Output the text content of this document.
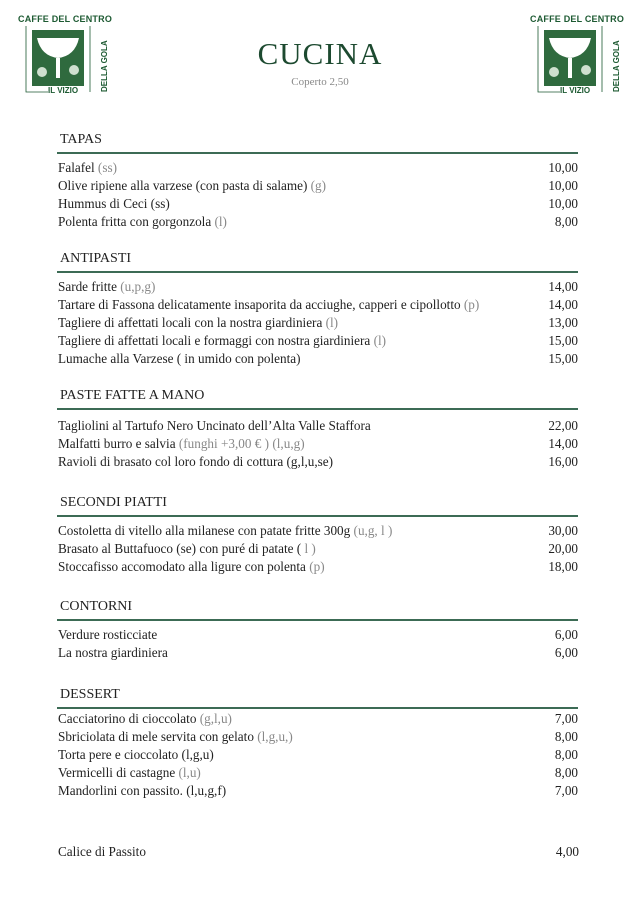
CAFFE DEL CENTRO
IL VIZIO	DELLA GOLA
CAFFE DEL CENTRO
IL VIZIO	DELLA GOLA
CUCINA
Coperto 2,50
TAPAS
Falafel (ss)	10,00
Olive ripiene alla varzese (con pasta di salame) (g)	10,00
Hummus di Ceci (ss)	10,00
Polenta fritta con gorgonzola (l)	8,00
ANTIPASTI
Sarde fritte (u,p,g)	14,00
Tartare di Fassona delicatamente insaporita da acciughe, capperi e cipollotto (p)	14,00
Tagliere di affettati locali con la nostra giardiniera (l)	13,00
Tagliere di affettati locali e formaggi con nostra giardiniera (l)	15,00
Lumache alla Varzese ( in umido con polenta)	15,00
PASTE FATTE A MANO
Tagliolini al Tartufo Nero Uncinato dell’Alta Valle Staffora	22,00
Malfatti burro e salvia (funghi +3,00 € ) (l,u,g)	14,00
Ravioli di brasato col loro fondo di cottura (g,l,u,se)	16,00
SECONDI PIATTI
Costoletta di vitello alla milanese con patate fritte 300g (u,g, l )	30,00
Brasato al Buttafuoco (se) con puré di patate ( l )	20,00
Stoccafisso accomodato alla ligure con polenta (p)	18,00
CONTORNI
Verdure rosticciate	6,00
La nostra giardiniera	6,00
DESSERT
Cacciatorino di cioccolato (g,l,u)	7,00
Sbriciolata di mele servita con gelato (l,g,u,)	8,00
Torta pere e cioccolato (l,g,u)	8,00
Vermicelli di castagne (l,u)	8,00
Mandorlini con passito. (l,u,g,f)	7,00
Calice di Passito	4,00
